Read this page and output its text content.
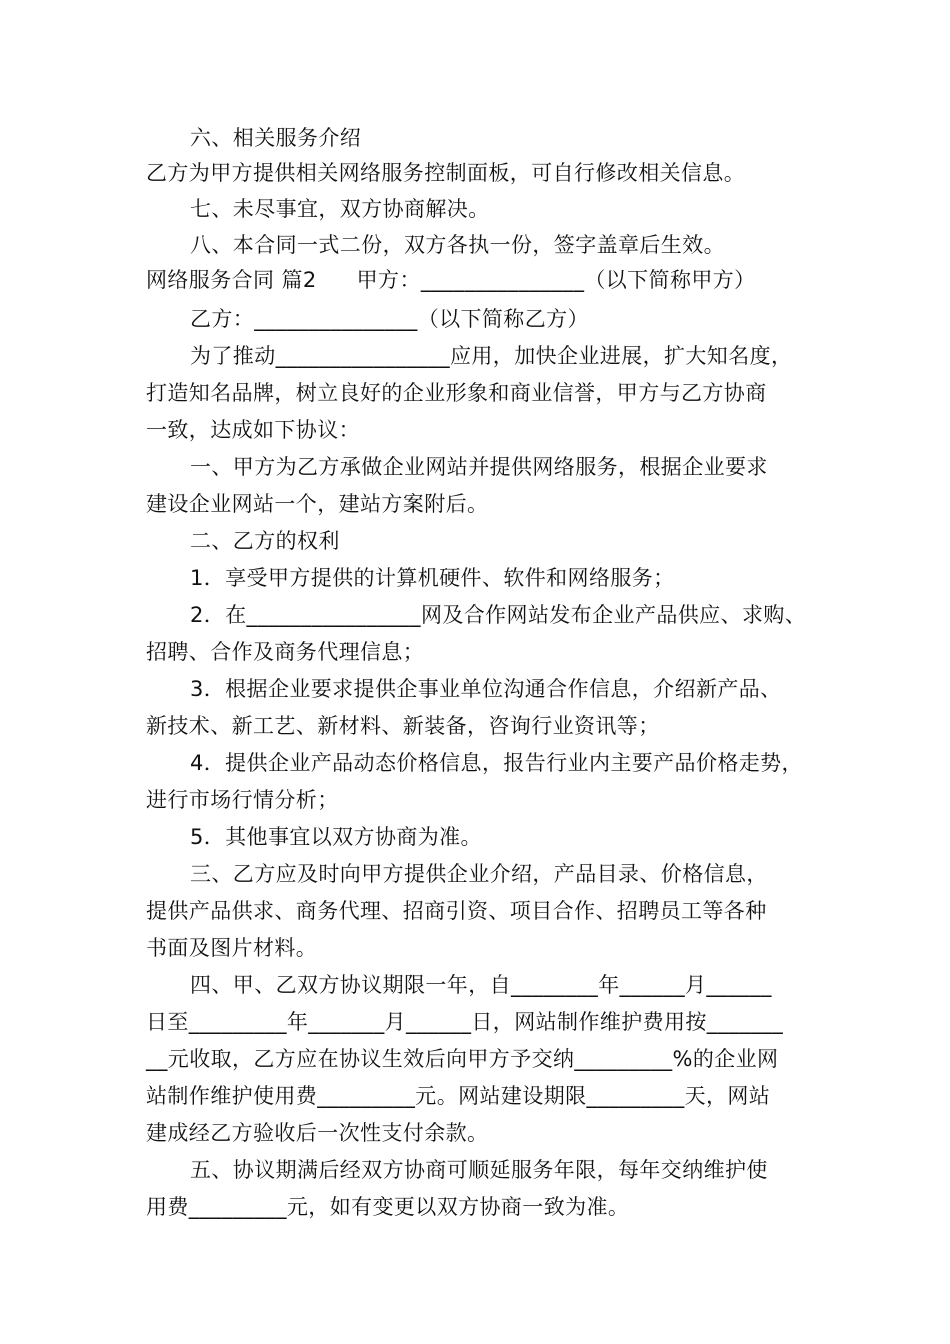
六、相关服务介绍
乙方为甲方提供相关网络服务控制面板，可自行修改相关信息。
七、未尽事宜，双方协商解决。
八、本合同一式二份，双方各执一份，签字盖章后生效。
网络服务合同 篇2 甲方：_______________（以下简称甲方）
乙方：_______________（以下简称乙方）
为了推动________________应用，加快企业进展，扩大知名度，
打造知名品牌，树立良好的企业形象和商业信誉，甲方与乙方协商
一致，达成如下协议：
一、甲方为乙方承做企业网站并提供网络服务，根据企业要求
建设企业网站一个，建站方案附后。
二、乙方的权利
1．享受甲方提供的计算机硬件、软件和网络服务；
2．在________________网及合作网站发布企业产品供应、求购、
招聘、合作及商务代理信息；
3．根据企业要求提供企事业单位沟通合作信息，介绍新产品、
新技术、新工艺、新材料、新装备，咨询行业资讯等；
4．提供企业产品动态价格信息，报告行业内主要产品价格走势，
进行市场行情分析；
5．其他事宜以双方协商为准。
三、乙方应及时向甲方提供企业介绍，产品目录、价格信息，
提供产品供求、商务代理、招商引资、项目合作、招聘员工等各种
书面及图片材料。
四、甲、乙双方协议期限一年，自________年______月______
日至_________年_______月______日，网站制作维护费用按_______
__元收取，乙方应在协议生效后向甲方予交纳_________%的企业网
站制作维护使用费_________元。网站建设期限_________天，网站
建成经乙方验收后一次性支付余款。
五、协议期满后经双方协商可顺延服务年限，每年交纳维护使
用费_________元，如有变更以双方协商一致为准。
